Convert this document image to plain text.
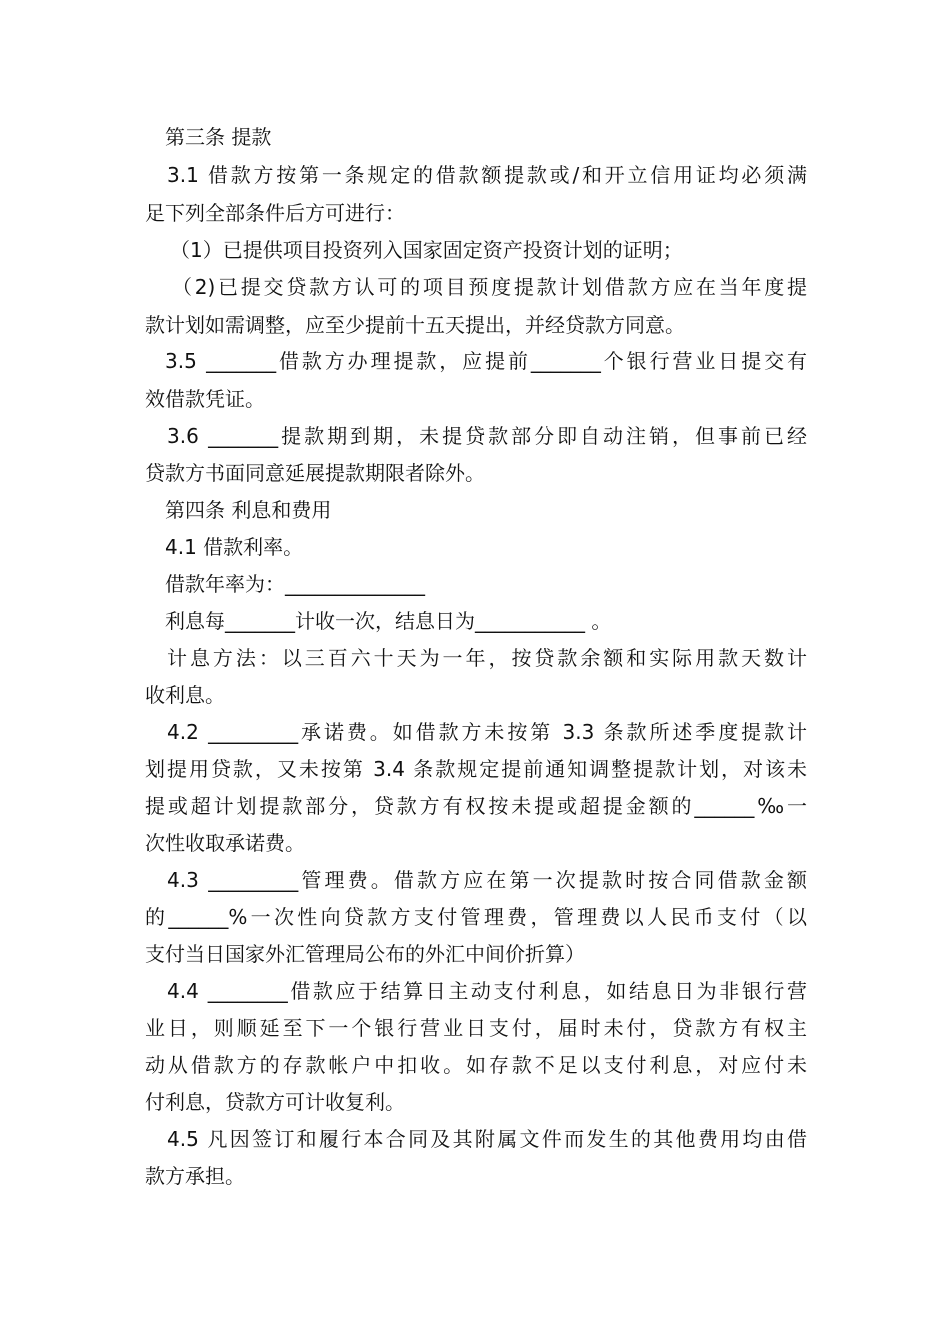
第三条 提款

3.1 借款方按第一条规定的借款额提款或/和开立信用证均必须满

足下列全部条件后方可进行：

（1）已提供项目投资列入国家固定资产投资计划的证明；

（2)已提交贷款方认可的项目预度提款计划借款方应在当年度提

款计划如需调整，应至少提前十五天提出，并经贷款方同意。

3.5 _______借款方办理提款，应提前_______个银行营业日提交有

效借款凭证。

3.6 _______提款期到期，未提贷款部分即自动注销，但事前已经

贷款方书面同意延展提款期限者除外。

第四条 利息和费用

4.1 借款利率。

借款年率为：______________

利息每_______计收一次，结息日为___________ 。

计息方法：以三百六十天为一年，按贷款余额和实际用款天数计

收利息。

4.2 _________承诺费。如借款方未按第 3.3 条款所述季度提款计

划提用贷款，又未按第 3.4 条款规定提前通知调整提款计划，对该未

提或超计划提款部分，贷款方有权按未提或超提金额的______‰一

次性收取承诺费。

4.3 _________管理费。借款方应在第一次提款时按合同借款金额

的______%一次性向贷款方支付管理费，管理费以人民币支付（以

支付当日国家外汇管理局公布的外汇中间价折算）

4.4 ________借款应于结算日主动支付利息，如结息日为非银行营

业日，则顺延至下一个银行营业日支付，届时未付，贷款方有权主

动从借款方的存款帐户中扣收。如存款不足以支付利息，对应付未

付利息，贷款方可计收复利。

4.5 凡因签订和履行本合同及其附属文件而发生的其他费用均由借

款方承担。
